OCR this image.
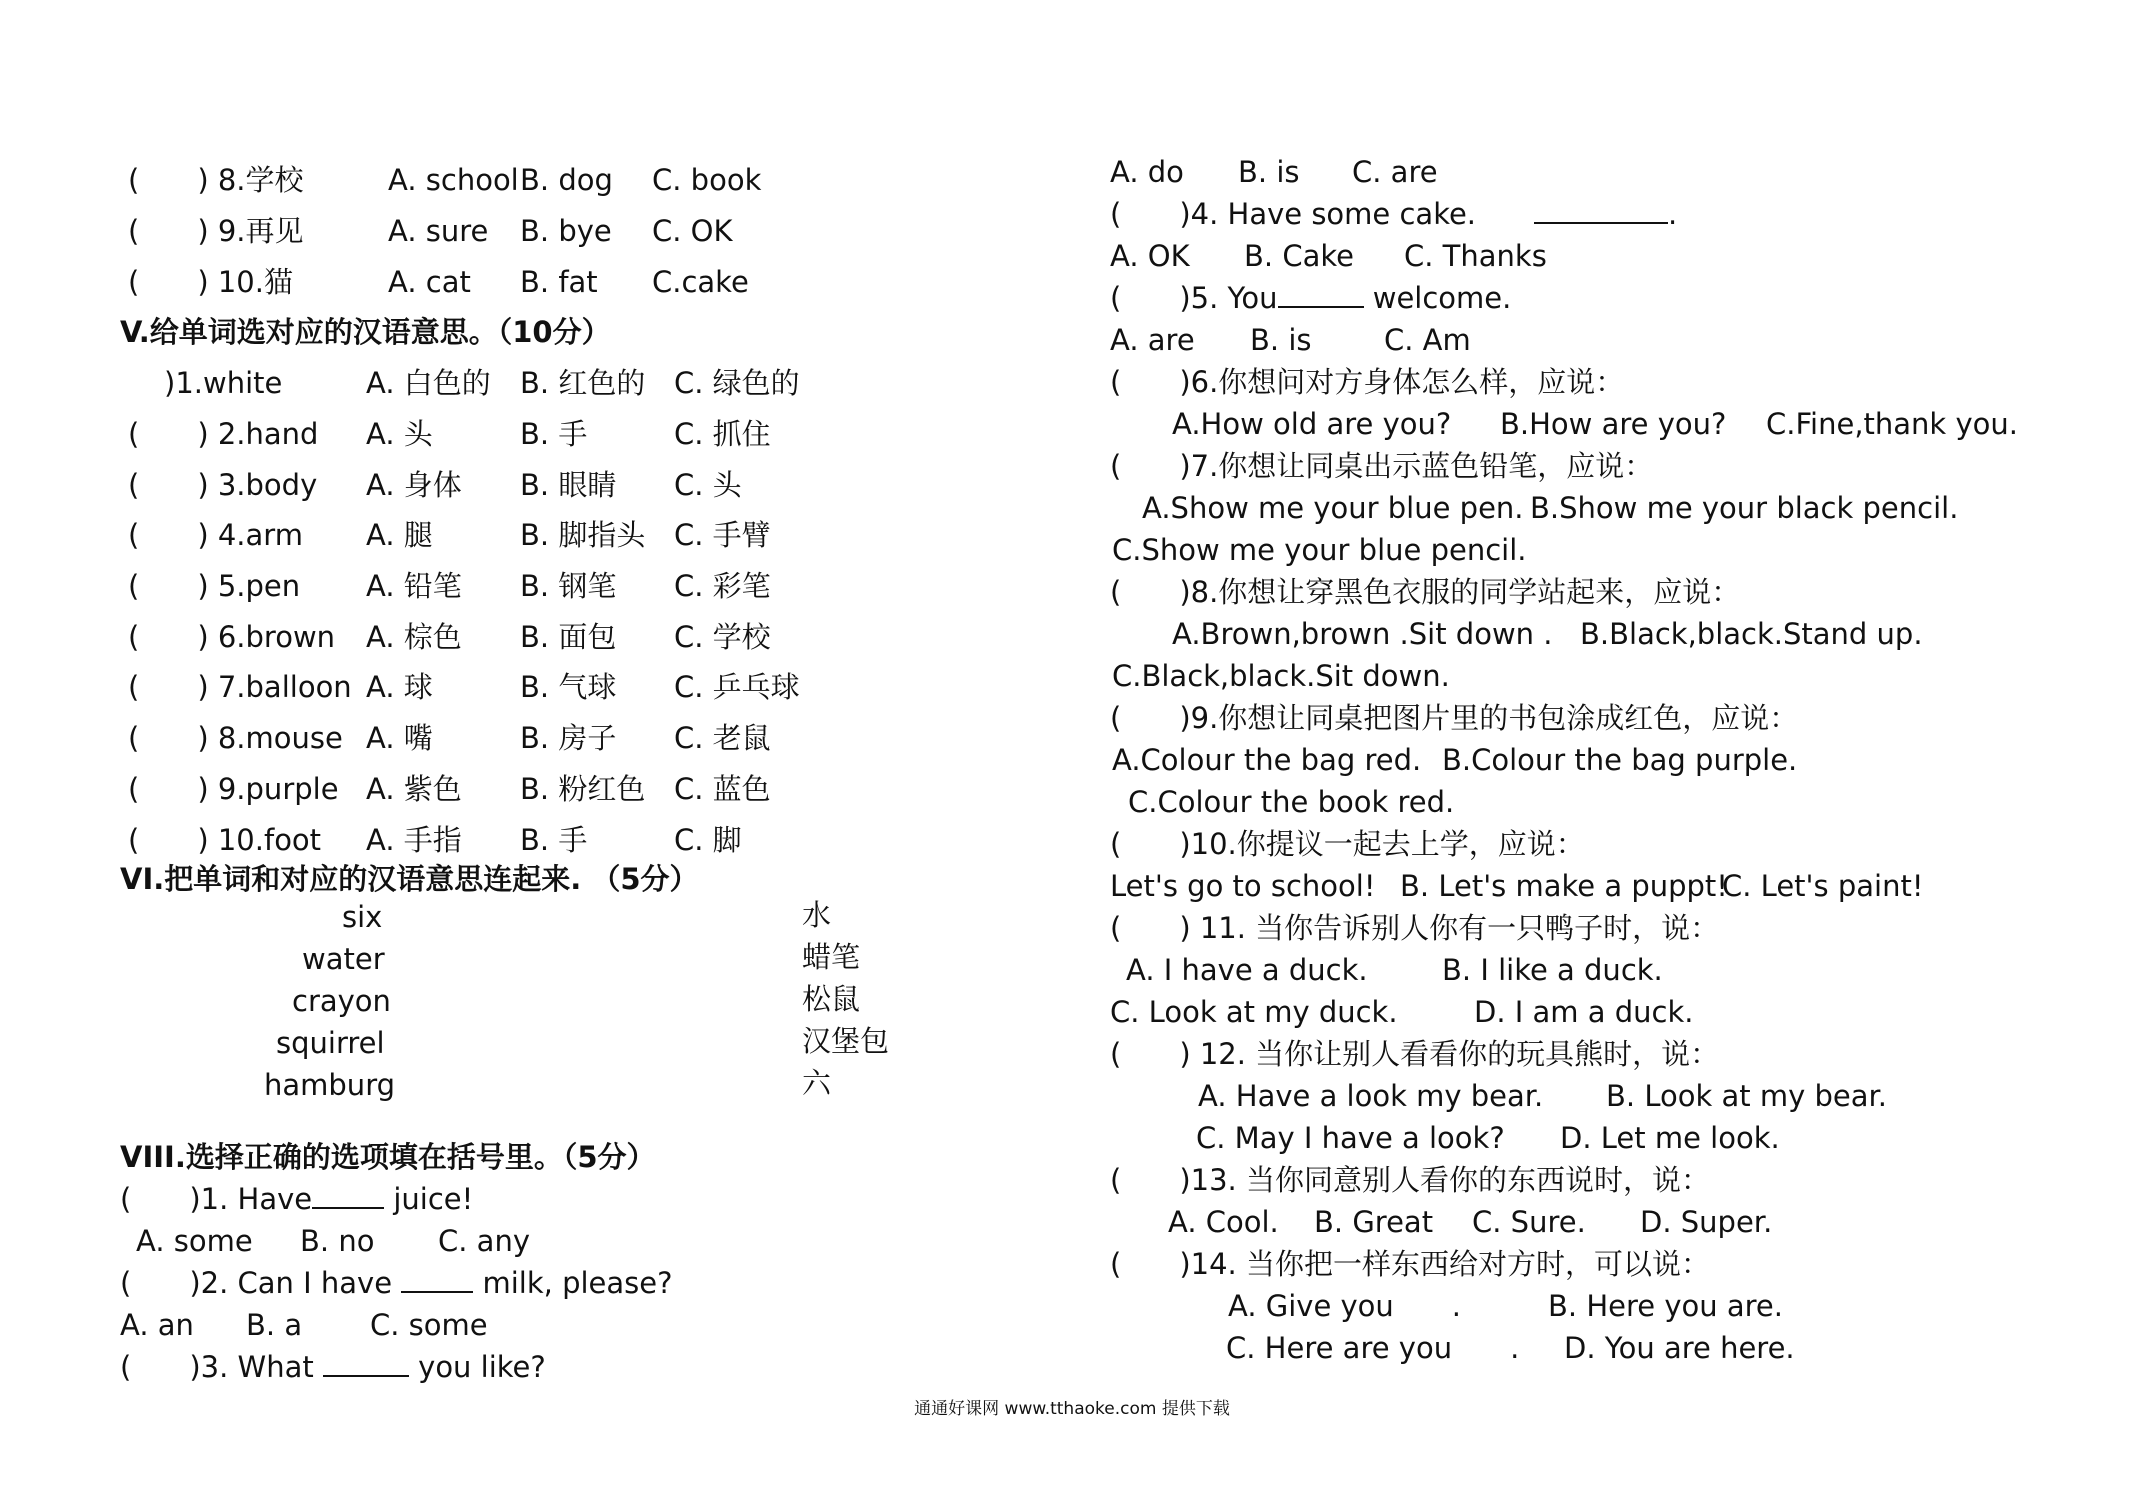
(　　) 8.学校	A. school B. dog C. book
(　　) 9.再见	A. sure B. bye C. OK
(　　) 10.猫	A. cat B. fat C.cake
V.给单词选对应的汉语意思。（10分）
)1.white	A. 白色的 B. 红色的 C. 绿色的
(　　) 2.hand A. 头	B. 手	C. 抓住
(　　) 3.body A. 身体 B. 眼睛 C. 头
(　　) 4.arm A. 腿	B. 脚指头 C. 手臂
(　　) 5.pen A. 铅笔 B. 钢笔 C. 彩笔
(　　) 6.brown A. 棕色 B. 面包 C. 学校
(　　) 7.balloon A. 球	B. 气球 C. 乒乓球
(　　) 8.mouse A. 嘴	B. 房子 C. 老鼠
(　　) 9.purple A. 紫色 B. 粉红色 C. 蓝色
(　　) 10.foot A. 手指 B. 手	C. 脚
VI.把单词和对应的汉语意思连起来. （5分）
six
water
crayon
squirrel
hamburg
水
蜡笔
松鼠
汉堡包
六
VIII.选择正确的选项填在括号里。（5分）
(　　)1. Have juice!
A. some B. no C. any
(　　)2. Can I have  milk, please?
A. an B. a C. some
(　　)3. What	you like?
A. do B. is C. are
(　　)4. Have some cake.　　	.
A. OK B. Cake C. Thanks
(　　)5. You	welcome.
A. are B. is	C. Am
(　　)6.你想问对方身体怎么样，应说：
A.How old are you? B.How are you? C.Fine,thank you.
(　　)7.你想让同桌出示蓝色铅笔，应说：
A.Show me your blue pen. B.Show me your black pencil.
C.Show me your blue pencil.
(　　)8.你想让穿黑色衣服的同学站起来，应说：
A.Brown,brown .Sit down . B.Black,black.Stand up.
C.Black,black.Sit down.
(　　)9.你想让同桌把图片里的书包涂成红色，应说：
A.Colour the bag red. B.Colour the bag purple.
C.Colour the book red.
(　　)10.你提议一起去上学，应说：
Let's go to school! B. Let's make a puppt!
C. Let's paint!
(　　) 11. 当你告诉别人你有一只鸭子时，说：
A. I have a duck.	B. I like a duck.
C. Look at my duck.	D. I am a duck.
(　　) 12. 当你让别人看看你的玩具熊时，说：
A. Have a look my bear. B. Look at my bear.
C. May I have a look? D. Let me look.
(　　)13. 当你同意别人看你的东西说时，说：
A. Cool. B. Great C. Sure. D. Super.
(　　)14. 当你把一样东西给对方时，可以说：
A. Give you　　.	B. Here you are.
C. Here are you　　. D. You are here.
通通好课网 www.tthaoke.com 提供下载
